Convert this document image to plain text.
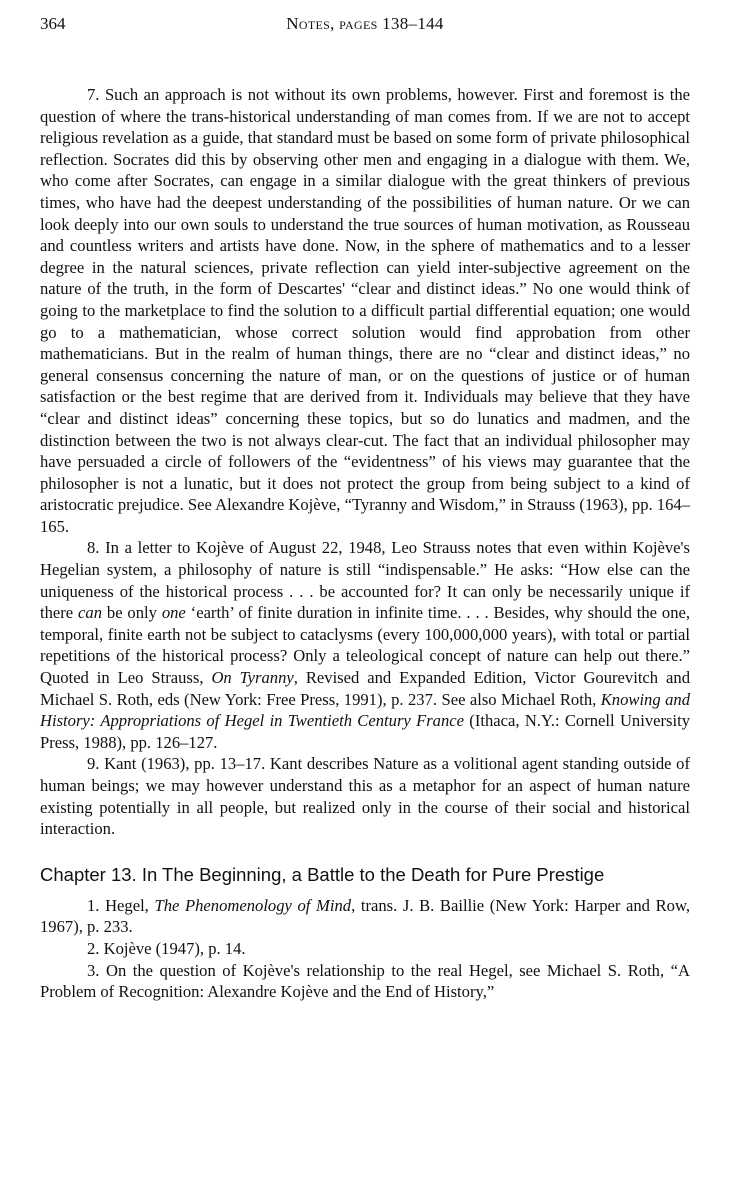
364	Notes, pages 138–144

7. Such an approach is not without its own problems, however. First and foremost is the question of where the trans-historical understanding of man comes from. If we are not to accept religious revelation as a guide, that standard must be based on some form of private philosophical reflection. Socrates did this by observing other men and engaging in a dialogue with them. We, who come after Socrates, can engage in a similar dialogue with the great thinkers of previous times, who have had the deepest understanding of the possibilities of human nature. Or we can look deeply into our own souls to understand the true sources of human motivation, as Rousseau and countless writers and artists have done. Now, in the sphere of mathematics and to a lesser degree in the natural sciences, private reflection can yield inter-subjective agreement on the nature of the truth, in the form of Descartes' “clear and distinct ideas.” No one would think of going to the marketplace to find the solution to a difficult partial differential equation; one would go to a mathematician, whose correct solution would find approbation from other mathematicians. But in the realm of human things, there are no “clear and distinct ideas,” no general consensus concerning the nature of man, or on the questions of justice or of human satisfaction or the best regime that are derived from it. Individuals may believe that they have “clear and distinct ideas” concerning these topics, but so do lunatics and madmen, and the distinction between the two is not always clear-cut. The fact that an individual philosopher may have persuaded a circle of followers of the “evidentness” of his views may guarantee that the philosopher is not a lunatic, but it does not protect the group from being subject to a kind of aristocratic prejudice. See Alexandre Kojève, “Tyranny and Wisdom,” in Strauss (1963), pp. 164–165.

8. In a letter to Kojève of August 22, 1948, Leo Strauss notes that even within Kojève's Hegelian system, a philosophy of nature is still “indispensable.” He asks: “How else can the uniqueness of the historical process . . . be accounted for? It can only be necessarily unique if there can be only one ‘earth’ of finite duration in infinite time. . . . Besides, why should the one, temporal, finite earth not be subject to cataclysms (every 100,000,000 years), with total or partial repetitions of the historical process? Only a teleological concept of nature can help out there.” Quoted in Leo Strauss, On Tyranny, Revised and Expanded Edition, Victor Gourevitch and Michael S. Roth, eds (New York: Free Press, 1991), p. 237. See also Michael Roth, Knowing and History: Appropriations of Hegel in Twentieth Century France (Ithaca, N.Y.: Cornell University Press, 1988), pp. 126–127.

9. Kant (1963), pp. 13–17. Kant describes Nature as a volitional agent standing outside of human beings; we may however understand this as a metaphor for an aspect of human nature existing potentially in all people, but realized only in the course of their social and historical interaction.

Chapter 13. In The Beginning, a Battle to the Death for Pure Prestige

1. Hegel, The Phenomenology of Mind, trans. J. B. Baillie (New York: Harper and Row, 1967), p. 233.

2. Kojève (1947), p. 14.

3. On the question of Kojève's relationship to the real Hegel, see Michael S. Roth, “A Problem of Recognition: Alexandre Kojève and the End of History,”
